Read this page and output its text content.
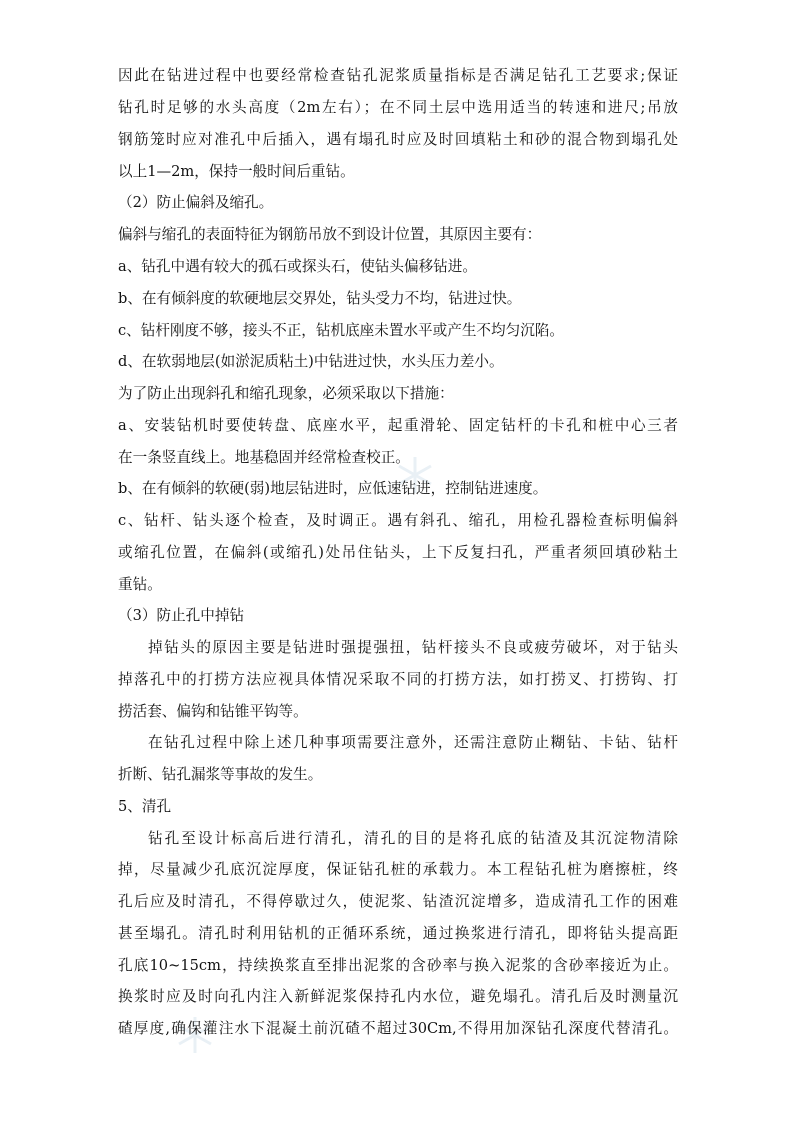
因此在钻进过程中也要经常检查钻孔泥浆质量指标是否满足钻孔工艺要求;保证
钻孔时足够的水头高度（2m左右）；在不同土层中选用适当的转速和进尺;吊放
钢筋笼时应对准孔中后插入，遇有塌孔时应及时回填粘土和砂的混合物到塌孔处
以上1—2m，保持一般时间后重钻。
（2）防止偏斜及缩孔。
偏斜与缩孔的表面特征为钢筋吊放不到设计位置，其原因主要有：
a、钻孔中遇有较大的孤石或探头石，使钻头偏移钻进。
b、在有倾斜度的软硬地层交界处，钻头受力不均，钻进过快。
c、钻杆刚度不够，接头不正，钻机底座未置水平或产生不均匀沉陷。
d、在软弱地层(如淤泥质粘土)中钻进过快，水头压力差小。
为了防止出现斜孔和缩孔现象，必须采取以下措施：
a、安装钻机时要使转盘、底座水平，起重滑轮、固定钻杆的卡孔和桩中心三者
在一条竖直线上。地基稳固并经常检查校正。
b、在有倾斜的软硬(弱)地层钻进时，应低速钻进，控制钻进速度。
c、钻杆、钻头逐个检查，及时调正。遇有斜孔、缩孔，用检孔器检查标明偏斜
或缩孔位置，在偏斜(或缩孔)处吊住钻头，上下反复扫孔，严重者须回填砂粘土
重钻。
（3）防止孔中掉钻
掉钻头的原因主要是钻进时强提强扭，钻杆接头不良或疲劳破坏，对于钻头
掉落孔中的打捞方法应视具体情况采取不同的打捞方法，如打捞叉、打捞钩、打
捞活套、偏钩和钻锥平钩等。
在钻孔过程中除上述几种事项需要注意外，还需注意防止糊钻、卡钻、钻杆
折断、钻孔漏浆等事故的发生。
5、清孔
钻孔至设计标高后进行清孔，清孔的目的是将孔底的钻渣及其沉淀物清除
掉，尽量减少孔底沉淀厚度，保证钻孔桩的承载力。本工程钻孔桩为磨擦桩，终
孔后应及时清孔，不得停歇过久，使泥浆、钻渣沉淀增多，造成清孔工作的困难
甚至塌孔。清孔时利用钻机的正循环系统，通过换浆进行清孔，即将钻头提高距
孔底10~15cm，持续换浆直至排出泥浆的含砂率与换入泥浆的含砂率接近为止。
换浆时应及时向孔内注入新鲜泥浆保持孔内水位，避免塌孔。清孔后及时测量沉
碴厚度,确保灌注水下混凝土前沉碴不超过30Cm,不得用加深钻孔深度代替清孔。
